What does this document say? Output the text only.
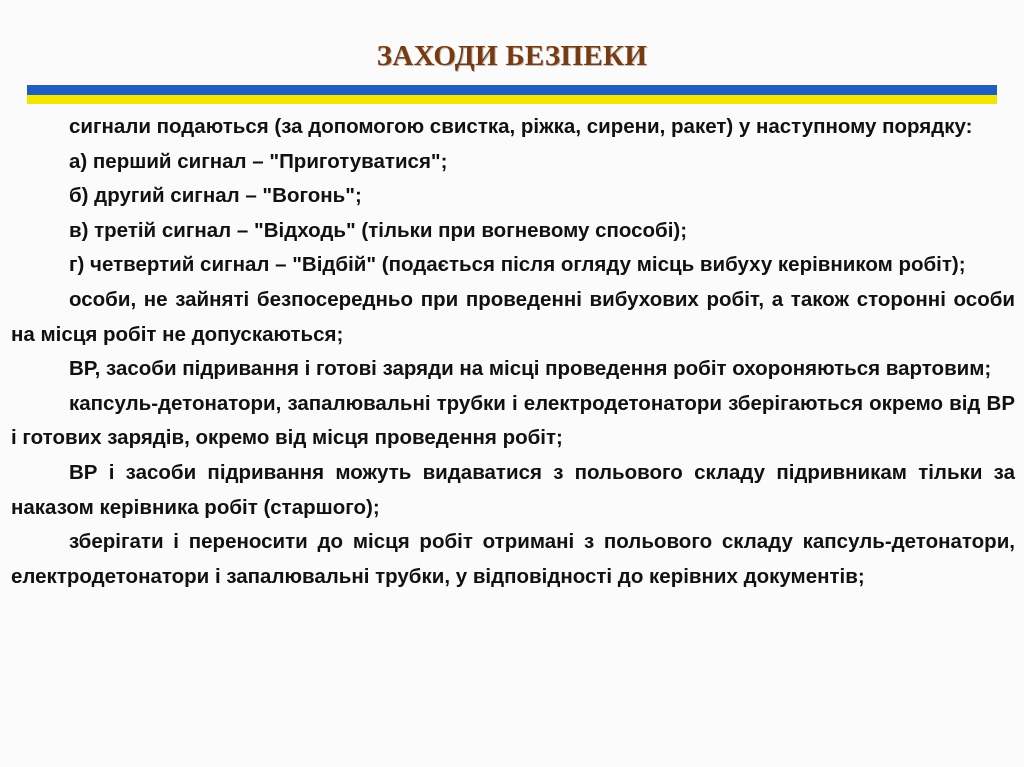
ЗАХОДИ БЕЗПЕКИ

сигнали подаються (за допомогою свистка, ріжка, сирени, ракет) у наступному порядку:

а) перший сигнал – "Приготуватися";

б) другий сигнал – "Вогонь";

в) третій сигнал – "Відходь" (тільки при вогневому способі);

г) четвертий сигнал – "Відбій" (подається після огляду місць вибуху керівником робіт);

особи, не зайняті безпосередньо при проведенні вибухових робіт, а також сторонні особи на місця робіт не допускаються;

ВР, засоби підривання і готові заряди на місці проведення робіт охороняються вартовим;

капсуль-детонатори, запалювальні трубки і електродетонатори зберігаються окремо від ВР і готових зарядів, окремо від місця проведення робіт;

ВР і засоби підривання можуть видаватися з польового складу підривникам тільки за наказом керівника робіт (старшого);

зберігати і переносити до місця робіт отримані з польового складу капсуль-детонатори, електродетонатори і запалювальні трубки, у відповідності до керівних документів;
